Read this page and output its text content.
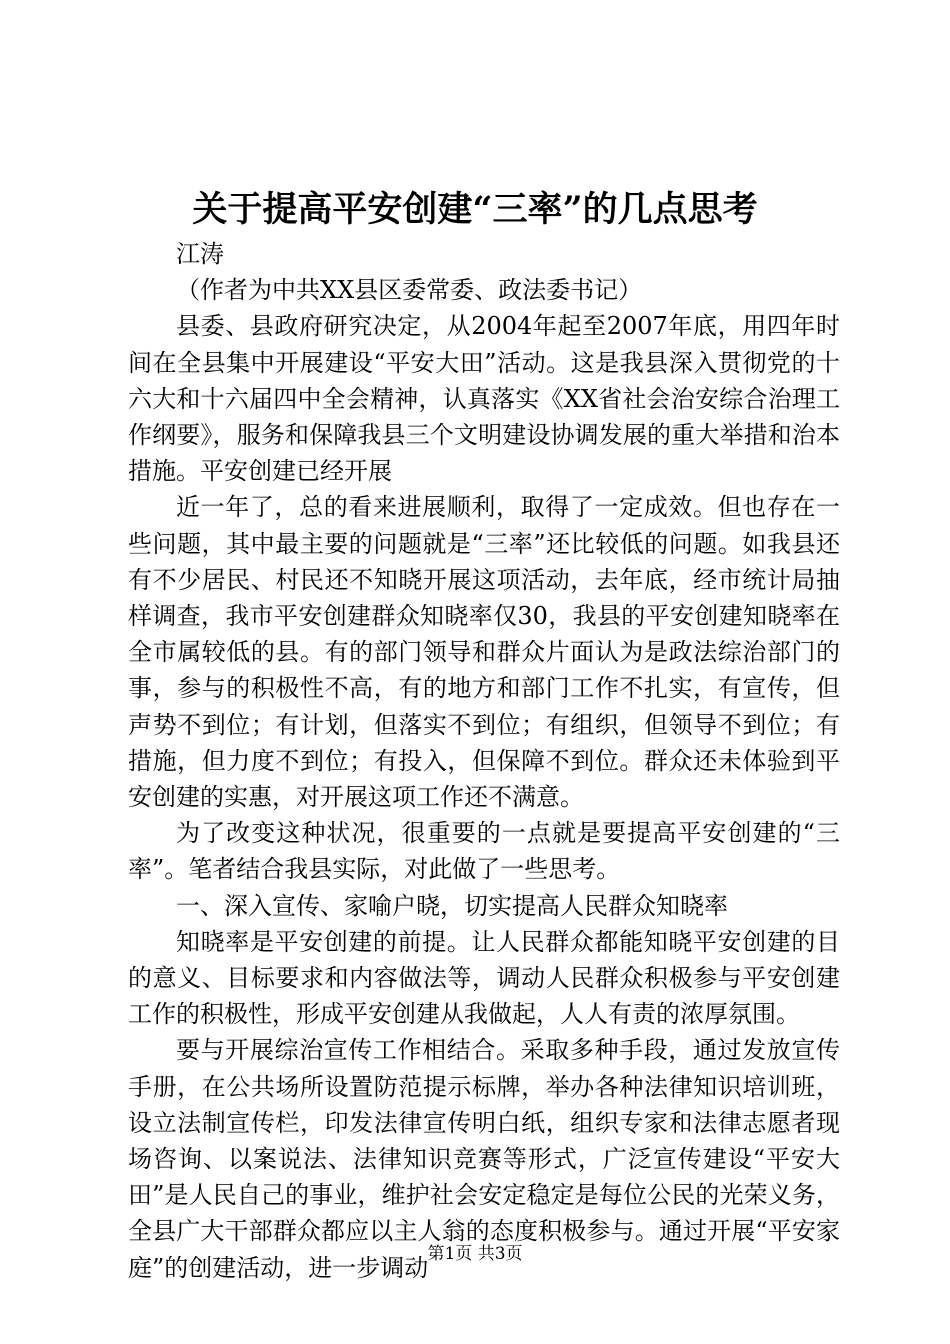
关于提高平安创建“三率”的几点思考

江涛

（作者为中共XX县区委常委、政法委书记）

县委、县政府研究决定，从2004年起至2007年底，用四年时间在全县集中开展建设“平安大田”活动。这是我县深入贯彻党的十六大和十六届四中全会精神，认真落实《XX省社会治安综合治理工作纲要》，服务和保障我县三个文明建设协调发展的重大举措和治本措施。平安创建已经开展

近一年了，总的看来进展顺利，取得了一定成效。但也存在一些问题，其中最主要的问题就是“三率”还比较低的问题。如我县还有不少居民、村民还不知晓开展这项活动，去年底，经市统计局抽样调查，我市平安创建群众知晓率仅30，我县的平安创建知晓率在全市属较低的县。有的部门领导和群众片面认为是政法综治部门的事，参与的积极性不高，有的地方和部门工作不扎实，有宣传，但声势不到位；有计划，但落实不到位；有组织，但领导不到位；有措施，但力度不到位；有投入，但保障不到位。群众还未体验到平安创建的实惠，对开展这项工作还不满意。

为了改变这种状况，很重要的一点就是要提高平安创建的“三率”。笔者结合我县实际，对此做了一些思考。

一、深入宣传、家喻户晓，切实提高人民群众知晓率

知晓率是平安创建的前提。让人民群众都能知晓平安创建的目的意义、目标要求和内容做法等，调动人民群众积极参与平安创建工作的积极性，形成平安创建从我做起，人人有责的浓厚氛围。

要与开展综治宣传工作相结合。采取多种手段，通过发放宣传手册，在公共场所设置防范提示标牌，举办各种法律知识培训班，设立法制宣传栏，印发法律宣传明白纸，组织专家和法律志愿者现场咨询、以案说法、法律知识竞赛等形式，广泛宣传建设“平安大田”是人民自己的事业，维护社会安定稳定是每位公民的光荣义务，全县广大干部群众都应以主人翁的态度积极参与。通过开展“平安家庭”的创建活动，进一步调动 第1页 共3页
